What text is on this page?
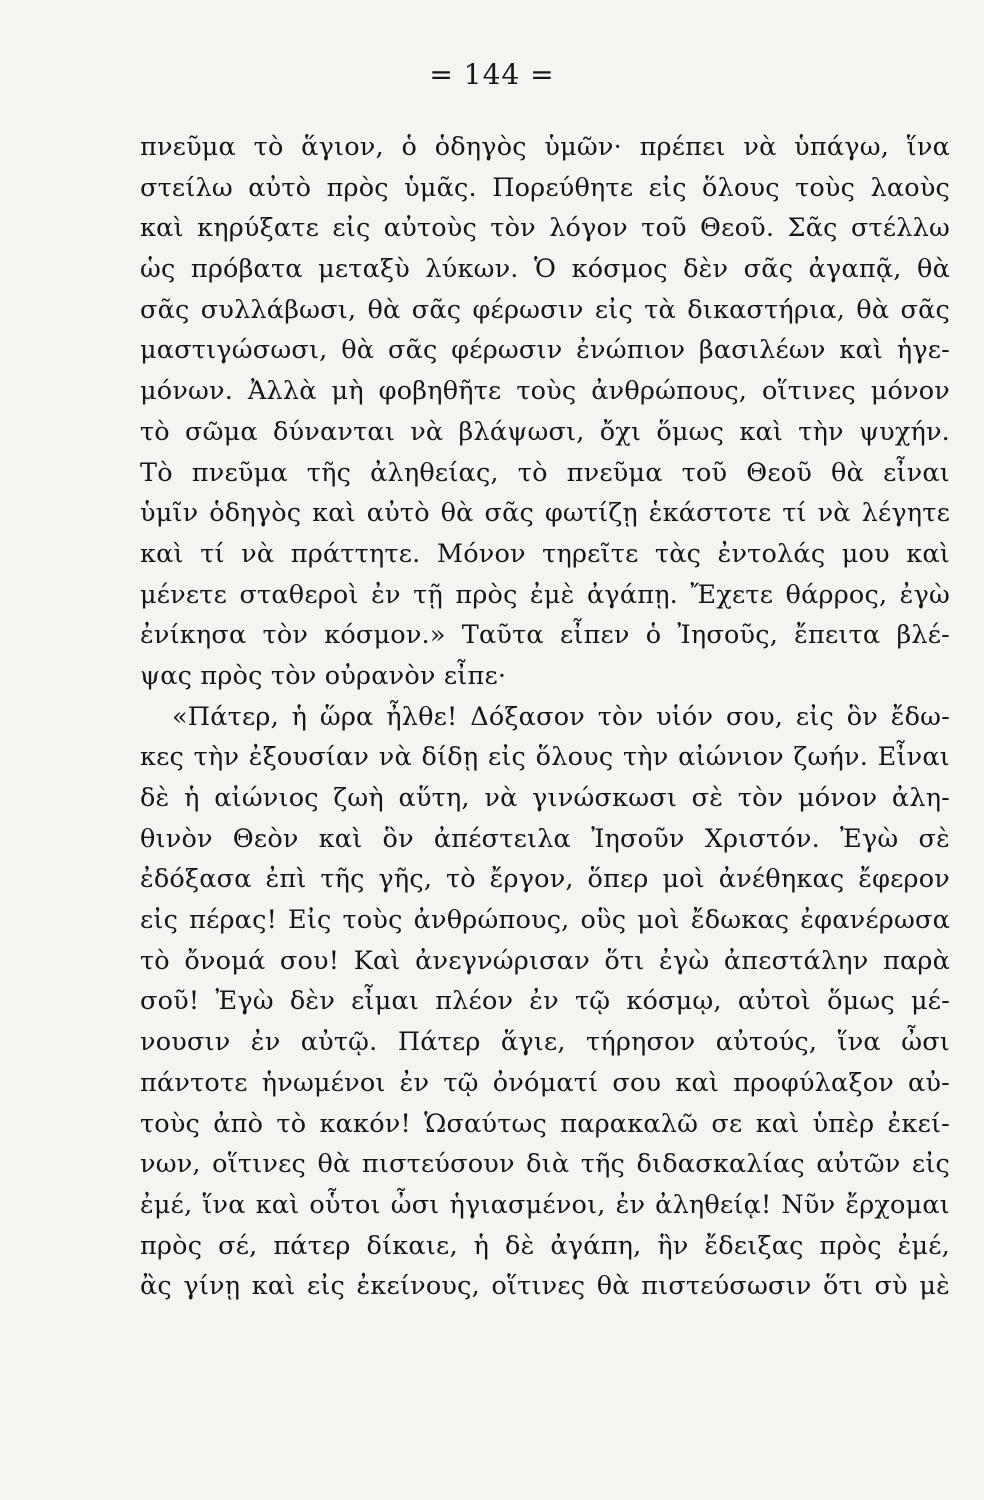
= 144 =
πνεῦμα τὸ ἅγιον, ὁ ὁδηγὸς ὑμῶν· πρέπει νὰ ὑπάγω, ἵνα
στείλω αὐτὸ πρὸς ὑμᾶς. Πορεύθητε εἰς ὅλους τοὺς λαοὺς
καὶ κηρύξατε εἰς αὐτοὺς τὸν λόγον τοῦ Θεοῦ. Σᾶς στέλλω
ὡς πρόβατα μεταξὺ λύκων. Ὁ κόσμος δὲν σᾶς ἀγαπᾷ, θὰ
σᾶς συλλάβωσι, θὰ σᾶς φέρωσιν εἰς τὰ δικαστήρια, θὰ σᾶς
μαστιγώσωσι, θὰ σᾶς φέρωσιν ἐνώπιον βασιλέων καὶ ἡγε-
μόνων. Ἀλλὰ μὴ φοβηθῆτε τοὺς ἀνθρώπους, οἵτινες μόνον
τὸ σῶμα δύνανται νὰ βλάψωσι, ὄχι ὅμως καὶ τὴν ψυχήν.
Τὸ πνεῦμα τῆς ἀληθείας, τὸ πνεῦμα τοῦ Θεοῦ θὰ εἶναι
ὑμῖν ὁδηγὸς καὶ αὐτὸ θὰ σᾶς φωτίζῃ ἑκάστοτε τί νὰ λέγητε
καὶ τί νὰ πράττητε. Μόνον τηρεῖτε τὰς ἐντολάς μου καὶ
μένετε σταθεροὶ ἐν τῇ πρὸς ἐμὲ ἀγάπῃ. Ἔχετε θάρρος, ἐγὼ
ἐνίκησα τὸν κόσμον.» Ταῦτα εἶπεν ὁ Ἰησοῦς, ἔπειτα βλέ-
ψας πρὸς τὸν οὐρανὸν εἶπε·
«Πάτερ, ἡ ὥρα ἦλθε! Δόξασον τὸν υἱόν σου, εἰς ὃν ἔδω-
κες τὴν ἐξουσίαν νὰ δίδῃ εἰς ὅλους τὴν αἰώνιον ζωήν. Εἶναι
δὲ ἡ αἰώνιος ζωὴ αὕτη, νὰ γινώσκωσι σὲ τὸν μόνον ἀλη-
θινὸν Θεὸν καὶ ὃν ἀπέστειλα Ἰησοῦν Χριστόν. Ἐγὼ σὲ
ἐδόξασα ἐπὶ τῆς γῆς, τὸ ἔργον, ὅπερ μοὶ ἀνέθηκας ἔφερον
εἰς πέρας! Εἰς τοὺς ἀνθρώπους, οὓς μοὶ ἔδωκας ἐφανέρωσα
τὸ ὄνομά σου! Καὶ ἀνεγνώρισαν ὅτι ἐγὼ ἀπεστάλην παρὰ
σοῦ! Ἐγὼ δὲν εἶμαι πλέον ἐν τῷ κόσμῳ, αὐτοὶ ὅμως μέ-
νουσιν ἐν αὐτῷ. Πάτερ ἅγιε, τήρησον αὐτούς, ἵνα ὦσι
πάντοτε ἡνωμένοι ἐν τῷ ὀνόματί σου καὶ προφύλαξον αὐ-
τοὺς ἀπὸ τὸ κακόν! Ὡσαύτως παρακαλῶ σε καὶ ὑπὲρ ἐκεί-
νων, οἵτινες θὰ πιστεύσουν διὰ τῆς διδασκαλίας αὐτῶν εἰς
ἐμέ, ἵνα καὶ οὗτοι ὦσι ἡγιασμένοι, ἐν ἀληθείᾳ! Νῦν ἔρχομαι
πρὸς σέ, πάτερ δίκαιε, ἡ δὲ ἀγάπη, ἣν ἔδειξας πρὸς ἐμέ,
ἂς γίνῃ καὶ εἰς ἐκείνους, οἵτινες θὰ πιστεύσωσιν ὅτι σὺ μὲ
